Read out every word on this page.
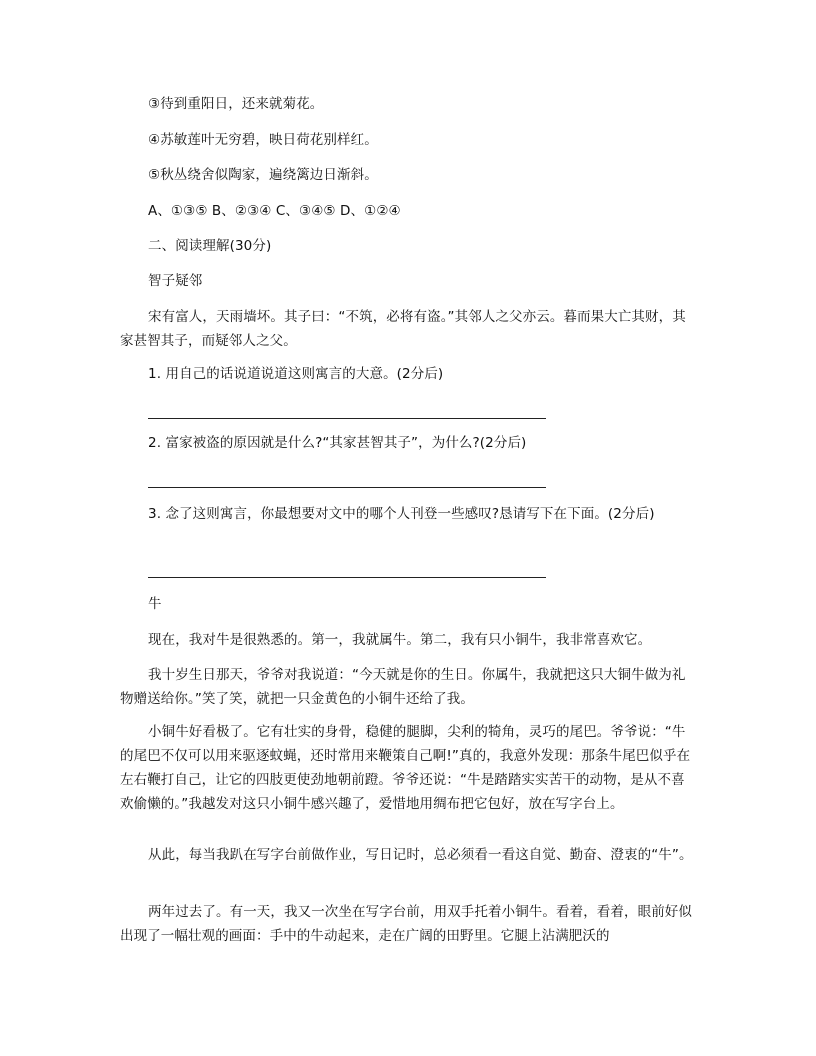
③待到重阳日，还来就菊花。
④苏敏莲叶无穷碧，映日荷花别样红。
⑤秋丛绕舍似陶家，遍绕篱边日渐斜。
A、①③⑤ B、②③④ C、③④⑤ D、①②④
二、阅读理解(30分)
智子疑邻
宋有富人，天雨墙坏。其子曰：“不筑，必将有盗。”其邻人之父亦云。暮而果大亡其财，其家甚智其子，而疑邻人之父。
1. 用自己的话说道说道这则寓言的大意。(2分后)
2. 富家被盗的原因就是什么?“其家甚智其子”，为什么?(2分后)
3. 念了这则寓言，你最想要对文中的哪个人刊登一些感叹?恳请写下在下面。(2分后)
牛
现在，我对牛是很熟悉的。第一，我就属牛。第二，我有只小铜牛，我非常喜欢它。
我十岁生日那天，爷爷对我说道：“今天就是你的生日。你属牛，我就把这只大铜牛做为礼物赠送给你。”笑了笑，就把一只金黄色的小铜牛还给了我。
小铜牛好看极了。它有壮实的身骨，稳健的腿脚，尖利的犄角，灵巧的尾巴。爷爷说：“牛的尾巴不仅可以用来驱逐蚊蝇，还时常用来鞭策自己啊!”真的，我意外发现：那条牛尾巴似乎在左右鞭打自己，让它的四肢更使劲地朝前蹬。爷爷还说：“牛是踏踏实实苦干的动物，是从不喜欢偷懒的。”我越发对这只小铜牛感兴趣了，爱惜地用绸布把它包好，放在写字台上。
从此，每当我趴在写字台前做作业，写日记时，总必须看一看这自觉、勤奋、澄衷的“牛”。
两年过去了。有一天，我又一次坐在写字台前，用双手托着小铜牛。看着，看着，眼前好似出现了一幅壮观的画面：手中的牛动起来，走在广阔的田野里。它腿上沾满肥沃的
